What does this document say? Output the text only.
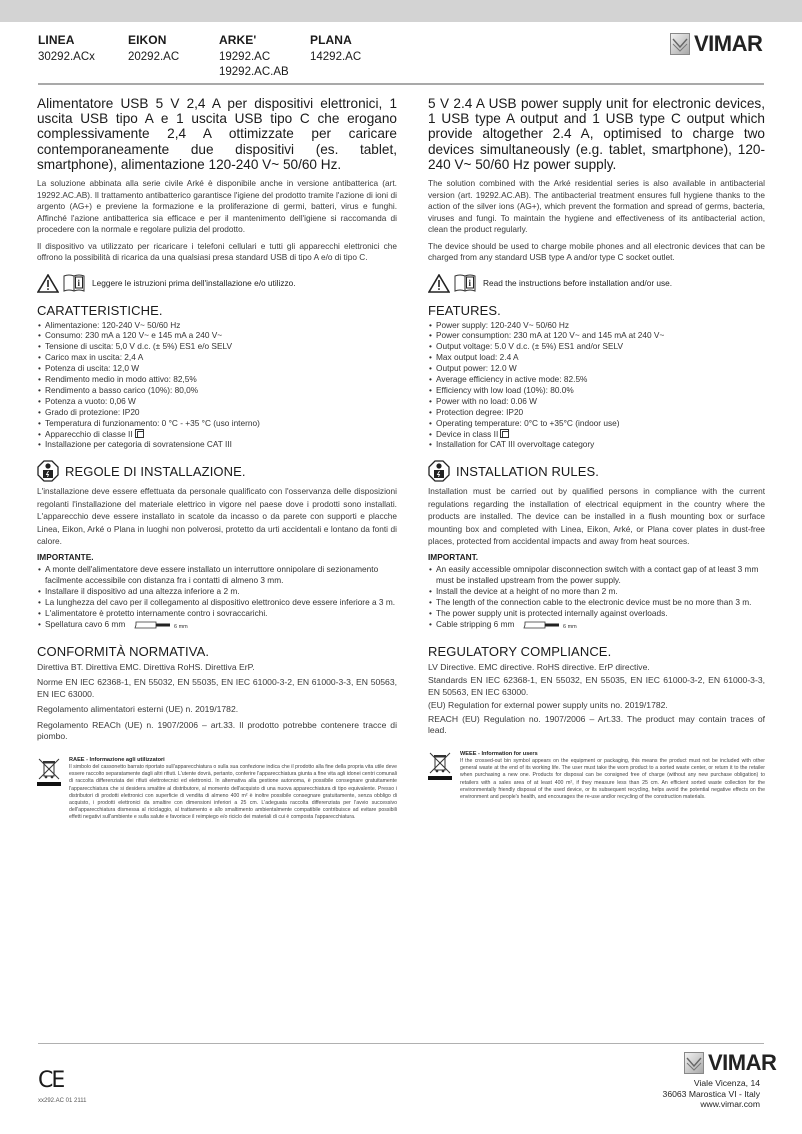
LINEA
30292.ACx
EIKON
20292.AC
ARKE'
19292.AC
19292.AC.AB
PLANA
14292.AC
VIMAR
Alimentatore USB 5 V 2,4 A per dispositivi elettronici, 1 uscita USB tipo A e 1 uscita USB tipo C che erogano complessivamente 2,4 A ottimizzate per caricare contemporaneamente due dispositivi (es. tablet, smartphone), alimentazione 120-240 V~ 50/60 Hz.
La soluzione abbinata alla serie civile Arké è disponibile anche in versione antibatterica (art. 19292.AC.AB). Il trattamento antibatterico garantisce l'igiene del prodotto tramite l'azione di ioni di argento (AG+) e previene la formazione e la proliferazione di germi, batteri, virus e funghi. Affinché l'azione antibatterica sia efficace e per il mantenimento dell'igiene si raccomanda di procedere con la normale e regolare pulizia del prodotto.
Il dispositivo va utilizzato per ricaricare i telefoni cellulari e tutti gli apparecchi elettronici che offrono la possibilità di ricarica da una qualsiasi presa standard USB di tipo A e/o di tipo C.
i Leggere le istruzioni prima dell'installazione e/o utilizzo.
CARATTERISTICHE.
• Alimentazione: 120-240 V~ 50/60 Hz
• Consumo: 230 mA a 120 V~ e 145 mA a 240 V~
• Tensione di uscita: 5,0 V d.c. (± 5%) ES1 e/o SELV
• Carico max in uscita: 2,4 A
• Potenza di uscita: 12,0 W
• Rendimento medio in modo attivo: 82,5%
• Rendimento a basso carico (10%): 80,0%
• Potenza a vuoto: 0,06 W
• Grado di protezione: IP20
• Temperatura di funzionamento: 0 °C - +35 °C (uso interno)
• Apparecchio di classe II
• Installazione per categoria di sovratensione CAT III
REGOLE DI INSTALLAZIONE.
L'installazione deve essere effettuata da personale qualificato con l'osservanza delle disposizioni regolanti l'installazione del materiale elettrico in vigore nel paese dove i prodotti sono installati. L'apparecchio deve essere installato in scatole da incasso o da parete con supporti e placche Linea, Eikon, Arké o Plana in luoghi non polverosi, protetto da urti accidentali e lontano da fonti di calore.
IMPORTANTE.
• A monte dell'alimentatore deve essere installato un interruttore onnipolare di sezionamento facilmente accessibile con distanza fra i contatti di almeno 3 mm.
• Installare il dispositivo ad una altezza inferiore a 2 m.
• La lunghezza del cavo per il collegamento al dispositivo elettronico deve essere inferiore a 3 m.
• L'alimentatore è protetto internamente contro i sovraccarichi.
• Spellatura cavo 6 mm	6 mm
CONFORMITÀ NORMATIVA.
Direttiva BT. Direttiva EMC. Direttiva RoHS. Direttiva ErP.
Norme EN IEC 62368-1, EN 55032, EN 55035, EN IEC 61000-3-2, EN 61000-3-3, EN 50563, EN IEC 63000.
Regolamento alimentatori esterni (UE) n. 2019/1782.
Regolamento REACh (UE) n. 1907/2006 – art.33. Il prodotto potrebbe contenere tracce di piombo.
RAEE - Informazione agli utilizzatori
Il simbolo del cassonetto barrato riportato sull'apparecchiatura o sulla sua confezione indica che il prodotto alla fine della propria vita utile deve essere raccolto separatamente dagli altri rifiuti. L'utente dovrà, pertanto, conferire l'apparecchiatura giunta a fine vita agli idonei centri comunali di raccolta differenziata dei rifiuti elettrotecnici ed elettronici. In alternativa alla gestione autonoma, è possibile consegnare gratuitamente l'apparecchiatura che si desidera smaltire al distributore, al momento dell'acquisto di una nuova apparecchiatura di tipo equivalente. Presso i distributori di prodotti elettronici con superficie di vendita di almeno 400 m² è inoltre possibile consegnare gratuitamente, senza obbligo di acquisto, i prodotti elettronici da smaltire con dimensioni inferiori a 25 cm. L'adeguata raccolta differenziata per l'avvio successivo dell'apparecchiatura dismessa al riciclaggio, al trattamento e allo smaltimento ambientalmente compatibile contribuisce ad evitare possibili effetti negativi sull'ambiente e sulla salute e favorisce il reimpiego e/o riciclo dei materiali di cui è composta l'apparecchiatura.
5 V 2.4 A USB power supply unit for electronic devices, 1 USB type A output and 1 USB type C output which provide altogether 2.4 A, optimised to charge two devices simultaneously (e.g. tablet, smartphone), 120-240 V~ 50/60 Hz power supply.
The solution combined with the Arké residential series is also available in antibacterial version (art. 19292.AC.AB). The antibacterial treatment ensures full hygiene thanks to the action of the silver ions (AG+), which prevent the formation and spread of germs, bacteria, viruses and fungi. To maintain the hygiene and effectiveness of its antibacterial action, clean the product regularly.
The device should be used to charge mobile phones and all electronic devices that can be charged from any standard USB type A and/or type C socket outlet.
i Read the instructions before installation and/or use.
FEATURES.
• Power supply: 120-240 V~ 50/60 Hz
• Power consumption: 230 mA at 120 V~ and 145 mA at 240 V~
• Output voltage: 5.0 V d.c. (± 5%) ES1 and/or SELV
• Max output load: 2.4 A
• Output power: 12.0 W
• Average efficiency in active mode: 82.5%
• Efficiency with low load (10%): 80.0%
• Power with no load: 0.06 W
• Protection degree: IP20
• Operating temperature: 0°C to +35°C (indoor use)
• Device in class II
• Installation for CAT III overvoltage category
INSTALLATION RULES.
Installation must be carried out by qualified persons in compliance with the current regulations regarding the installation of electrical equipment in the country where the products are installed. The device can be installed in a flush mounting box or surface mounting box and completed with Linea, Eikon, Arké, or Plana cover plates in dust-free places, protected from accidental impacts and away from heat sources.
IMPORTANT.
• An easily accessible omnipolar disconnection switch with a contact gap of at least 3 mm must be installed upstream from the power supply.
• Install the device at a height of no more than 2 m.
• The length of the connection cable to the electronic device must be no more than 3 m.
• The power supply unit is protected internally against overloads.
• Cable stripping 6 mm	6 mm
REGULATORY COMPLIANCE.
LV Directive. EMC directive. RoHS directive. ErP directive.
Standards EN IEC 62368-1, EN 55032, EN 55035, EN IEC 61000-3-2, EN 61000-3-3, EN 50563, EN IEC 63000.
(EU) Regulation for external power supply units no. 2019/1782.
REACH (EU) Regulation no. 1907/2006 – Art.33. The product may contain traces of lead.
WEEE - Information for users
If the crossed-out bin symbol appears on the equipment or packaging, this means the product must not be included with other general waste at the end of its working life. The user must take the worn product to a sorted waste center, or return it to the retailer when purchasing a new one. Products for disposal can be consigned free of charge (without any new purchase obligation) to retailers with a sales area of at least 400 m², if they measure less than 25 cm. An efficient sorted waste collection for the environmentally friendly disposal of the used device, or its subsequent recycling, helps avoid the potential negative effects on the environment and people's health, and encourages the re-use and/or recycling of the construction materials.
CE
xx292.AC 01 2111
VIMAR
Viale Vicenza, 14
36063 Marostica VI - Italy
www.vimar.com
